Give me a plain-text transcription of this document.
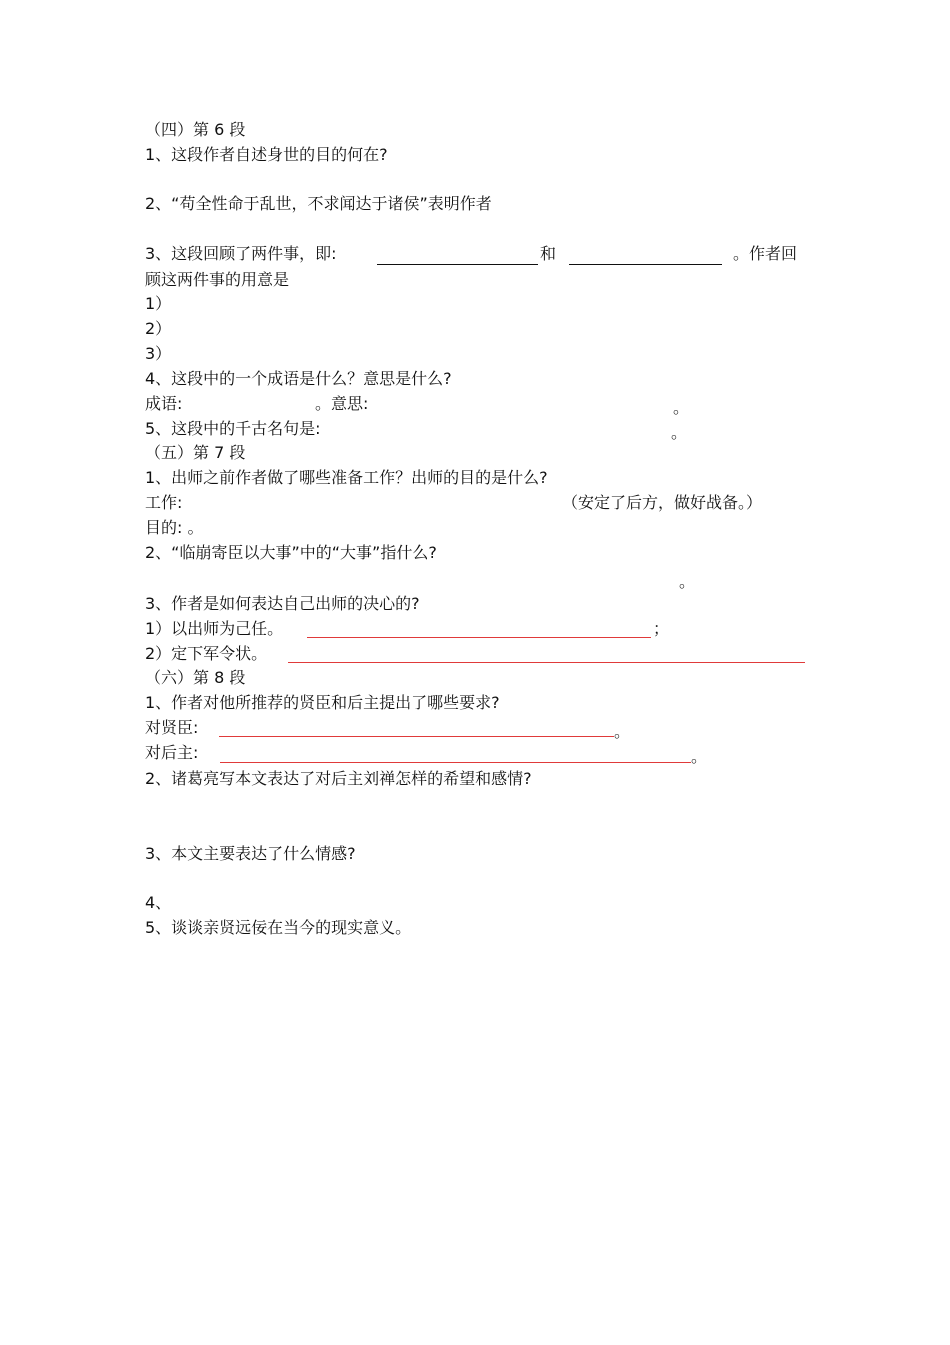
（四）第 6 段
1、这段作者自述身世的目的何在?
2、“苟全性命于乱世，不求闻达于诸侯”表明作者
3、这段回顾了两件事，即:	和	。作者回
顾这两件事的用意是
1）
2）
3）
4、这段中的一个成语是什么？意思是什么?
成语:	。意思:	。
5、这段中的千古名句是:	。
（五）第 7 段
1、出师之前作者做了哪些准备工作？出师的目的是什么?
工作:	（安定了后方，做好战备。）
目的: 。
2、“临崩寄臣以大事”中的“大事”指什么?
。
3、作者是如何表达自己出师的决心的?
1）以出师为己任。	；
2）定下军令状。
（六）第 8 段
1、作者对他所推荐的贤臣和后主提出了哪些要求?
对贤臣:	。
对后主:	。
2、诸葛亮写本文表达了对后主刘禅怎样的希望和感情?
3、本文主要表达了什么情感?
4、
5、谈谈亲贤远佞在当今的现实意义。
